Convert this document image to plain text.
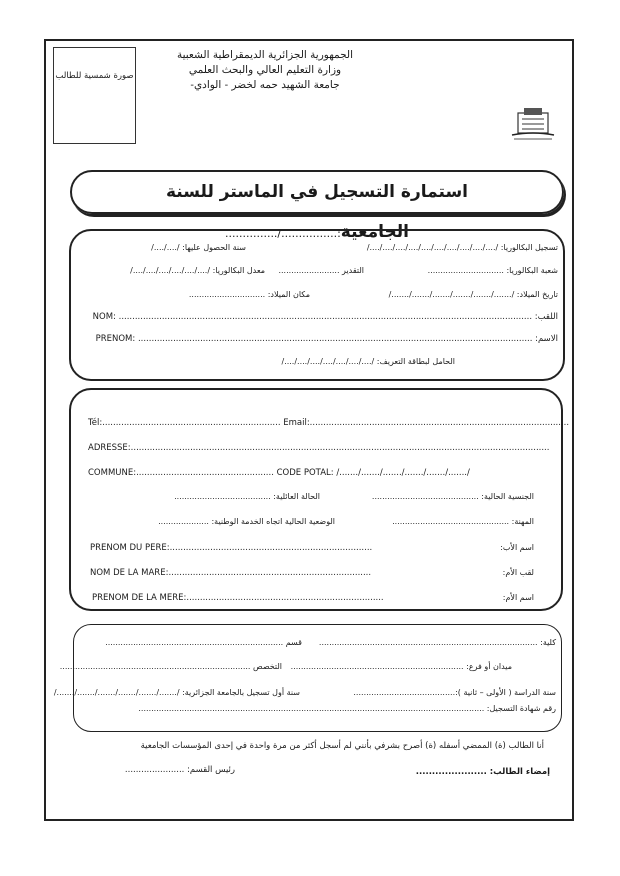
صورة شمسية للطالب
الجمهورية الجزائرية الديمقراطية الشعبية
وزارة التعليم العالي والبحث العلمي
جامعة الشهيد حمه لخضر - الوادي-
استمارة التسجيل في الماستر للسنة الجامعية:................/...............
تسجيل البكالوريا: /..../..../..../..../..../..../..../..../..../..../
سنة الحصول عليها: /..../..../
شعبة البكالوريا: ..............................
التقدير ........................
معدل البكالوريا: /..../..../..../..../..../..../
تاريخ الميلاد: /......./......./......./......./......./......./
مكان الميلاد: ..............................
اللقب: ......................................................................................................................................................... :NOM
الاسم: .................................................................................................................................................. :PRENOM
الحامل لبطاقة التعريف: /..../..../..../..../..../..../..../
Tél:.................................................................. Email:................................................................................................
ADRESSE:...........................................................................................................................................................
COMMUNE:................................................... CODE POTAL: /......./......./......./......./......./......./
الجنسية الحالية: ..........................................
الحالة العائلية: ......................................
المهنة: ..............................................
الوضعية الحالية اتجاه الخدمة الوطنية: ....................
PRENOM DU PERE:...........................................................................	اسم الأب:
NOM DE LA MARE:...........................................................................	لقب الأم:
PRENOM DE LA MERE:.........................................................................	اسم الأم:
كلية: ......................................................................................
قسم ......................................................................
ميدان أو فرع: ....................................................................
التخصص ...........................................................................
سنة الدراسة ( الأولى – ثانية ):........................................
سنة أول تسجيل بالجامعة الجزائرية: /......./......./......./......./......./......./
رقم شهادة التسجيل: ........................................................................................................................................
أنا الطالب (ة) الممضي أسفله (ة) أصرح بشرفي بأنني لم أسجل أكثر من مرة واحدة في إحدى المؤسسات الجامعية
إمضاء الطالب: ......................
رئيس القسم: ......................
